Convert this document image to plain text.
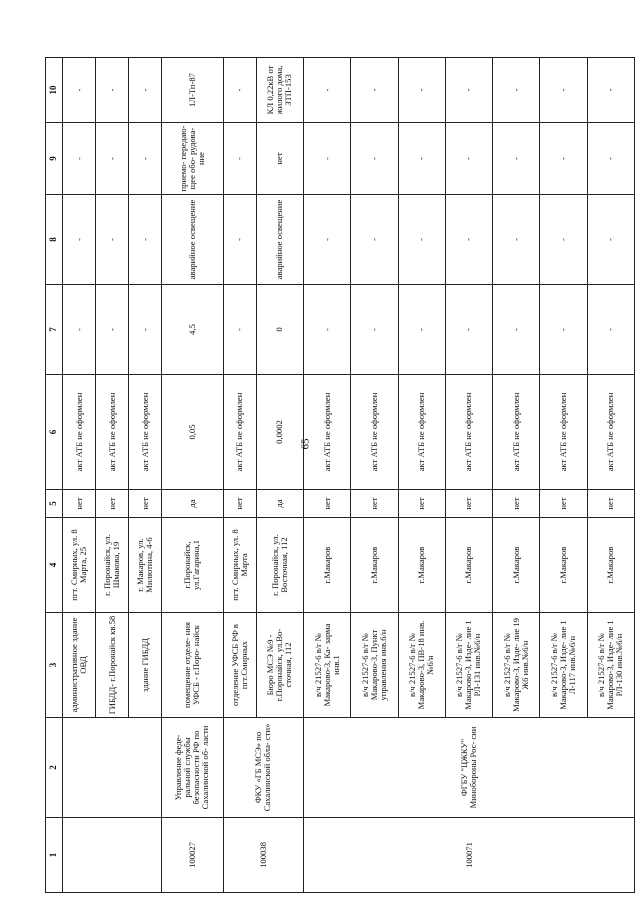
65
1	2	3	4	5	6	7	8	9	10
		административное здание ОВД	пгт. Смирных, ул. 8 Марта, 25	нет	акт АТБ не оформлен	-	-	-	-
		ГИБДД- г.Поронайск кв.58	г. Поронайск, ул. Шмакова, 19	нет	акт АТБ не оформлен	-	-	-	-
		здание ГИБДД	г. Макаров, ул. Милютина, 4-6	нет	акт АТБ не оформлен	-	-	-	-
100027	Управление феде- ральной службы безопасности РФ по Сахалинской об- ласти	помещение отделе- ния УФСБ - г.Поро- найск	г.Поронайск, ул.Гагарина,1	да	0,05	4,5	аварийное освещение	приемо- передаю- щее обо- рудова- ние	1Л-Тп-87
100038	ФКУ «ГБ МСЭ» по Сахалинской обла- сти»	отделение УФСБ РФ в пгт.Смирных	пгт. Смирных, ул. 8 Марта	нет	акт АТБ не оформлен	-	-	-	-
		Бюро МСЭ №9 - г.Поронайск, ул.Во- сточная, 112	г. Поронайск, ул. Восточная, 112	да	0,0002	0	аварийное освещение	нет	КЛ 0,22кВ от жилого дома, ЗТП-153
100071	ФГБУ "ЦЖКУ" Минобороны Рос- сии	в/ч 21527-6 в/г № Макарово-3, Ка- зарма инв.1	г.Макаров	нет	акт АТБ не оформлен	-	-	-	-
		в/ч 21527-6 в/г № Макарово-3, Пункт управления инв.6/н	г.Макаров	нет	акт АТБ не оформлен	-	-	-	-
		в/ч 21527-6 в/г № Макарово-3, ПВ-18 инв.№6/н	г.Макаров	нет	акт АТБ не оформлен	-	-	-	-
		в/ч 21527-6 в/г № Макарово-3, Изде- лие 1 РЛ-131 инв.№6/н	г.Макаров	нет	акт АТБ не оформлен	-	-	-	-
		в/ч 21527-6 в/г № Макарово-3, Изде- лие 19 Ж6 инв.№6/н	г.Макаров	нет	акт АТБ не оформлен	-	-	-	-
		в/ч 21527-6 в/г № Макарово-3, Изде- лие 1 Л-117 инв.№6/н	г.Макаров	нет	акт АТБ не оформлен	-	-	-	-
		в/ч 21527-6 в/г № Макарово-3, Изде- лие 1 РЛ-130 инв.№6/н	г.Макаров	нет	акт АТБ не оформлен	-	-	-	-
